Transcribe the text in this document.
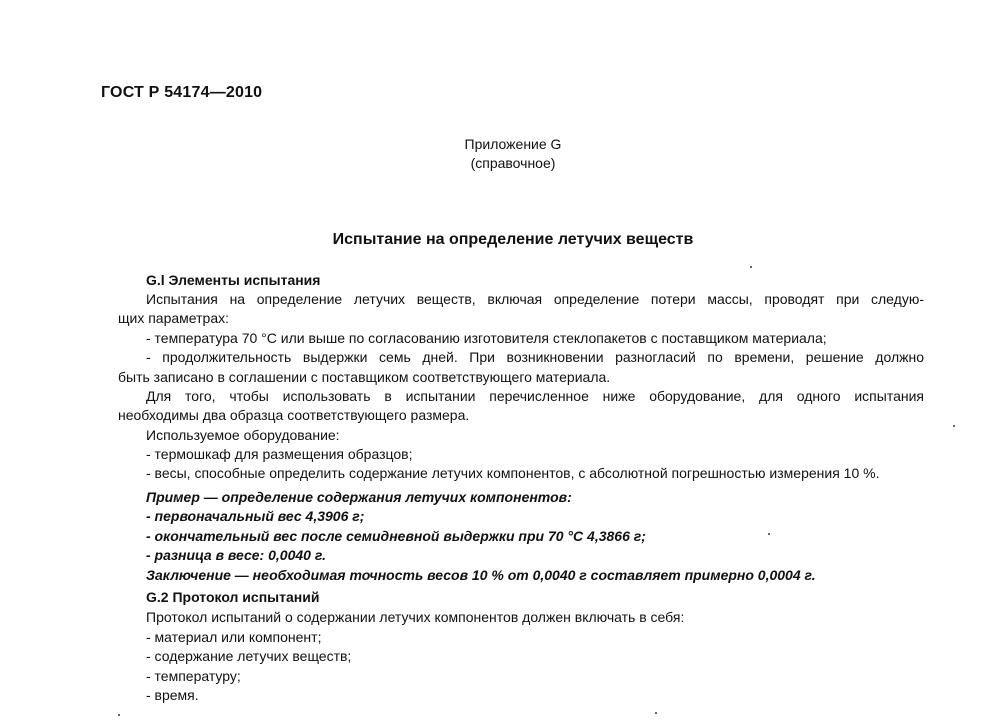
ГОСТ Р 54174—2010
Приложение G
(справочное)
Испытание на определение летучих веществ
G.l Элементы испытания
Испытания на определение летучих веществ, включая определение потери массы, проводят при следую-
щих параметрах:
- температура 70 °С или выше по согласованию изготовителя стеклопакетов с поставщиком материала;
- продолжительность выдержки семь дней. При возникновении разногласий по времени, решение должно
быть записано в соглашении с поставщиком соответствующего материала.
Для того, чтобы использовать в испытании перечисленное ниже оборудование, для одного испытания
необходимы два образца соответствующего размера.
Используемое оборудование:
- термошкаф для размещения образцов;
- весы, способные определить содержание летучих компонентов, с абсолютной погрешностью измерения 10 %.
Пример — определение содержания летучих компонентов:
- первоначальный вес 4,3906 г;
- окончательный вес после семидневной выдержки при 70 °С 4,3866 г;
- разница в весе: 0,0040 г.
Заключение — необходимая точность весов 10 % от 0,0040 г составляет примерно 0,0004 г.
G.2 Протокол испытаний
Протокол испытаний о содержании летучих компонентов должен включать в себя:
- материал или компонент;
- содержание летучих веществ;
- температуру;
- время.
